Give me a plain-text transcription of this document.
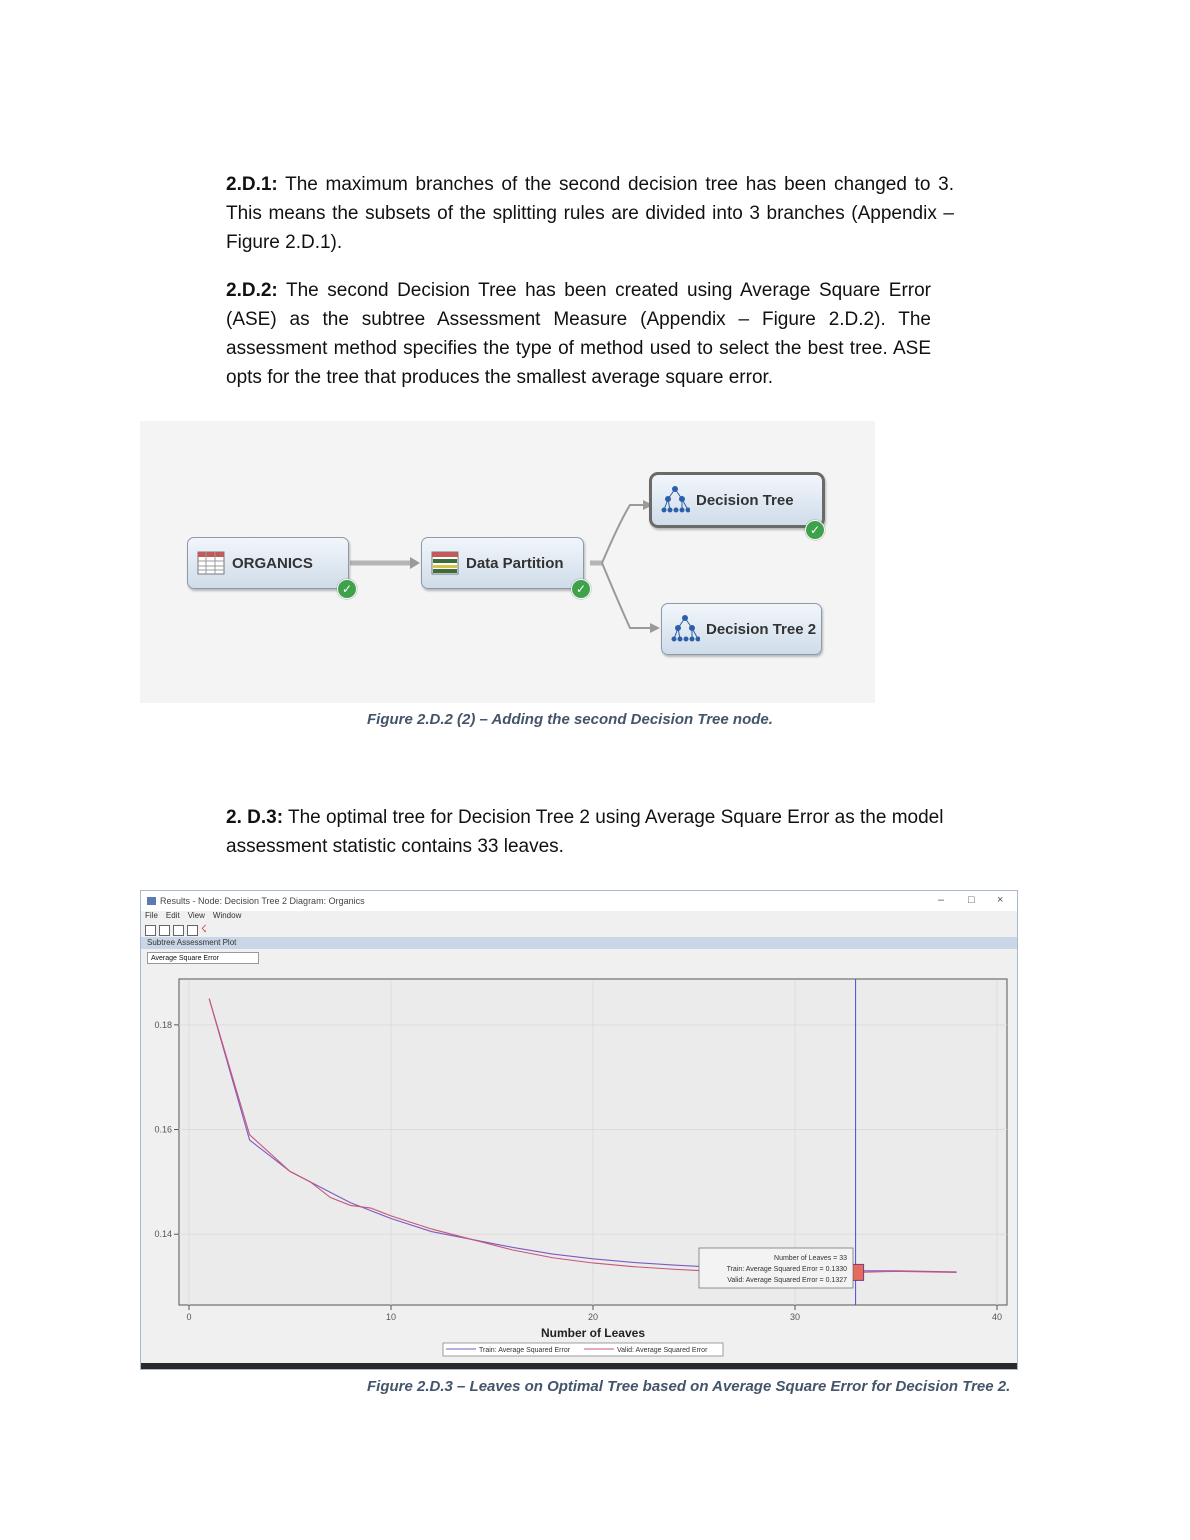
2.D.1: The maximum branches of the second decision tree has been changed to 3. This means the subsets of the splitting rules are divided into 3 branches (Appendix – Figure 2.D.1).
2.D.2: The second Decision Tree has been created using Average Square Error (ASE) as the subtree Assessment Measure (Appendix – Figure 2.D.2). The assessment method specifies the type of method used to select the best tree. ASE opts for the tree that produces the smallest average square error.
ORGANICS
✓
Data Partition
✓
Decision Tree
✓
Decision Tree 2
Figure 2.D.2 (2) – Adding the second Decision Tree node.
2. D.3: The optimal tree for Decision Tree 2 using Average Square Error as the model assessment statistic contains 33 leaves.
Results - Node: Decision Tree 2 Diagram: Organics	– □ ×
File Edit View Window
☇
Subtree Assessment Plot
Average Square Error
0	10	20	30	40
0.14
0.16
0.18
Number of Leaves = 33
Train: Average Squared Error = 0.1330
Valid: Average Squared Error = 0.1327
Number of Leaves
Train: Average Squared Error	Valid: Average Squared Error
Figure 2.D.3 – Leaves on Optimal Tree based on Average Square Error for Decision Tree 2.
